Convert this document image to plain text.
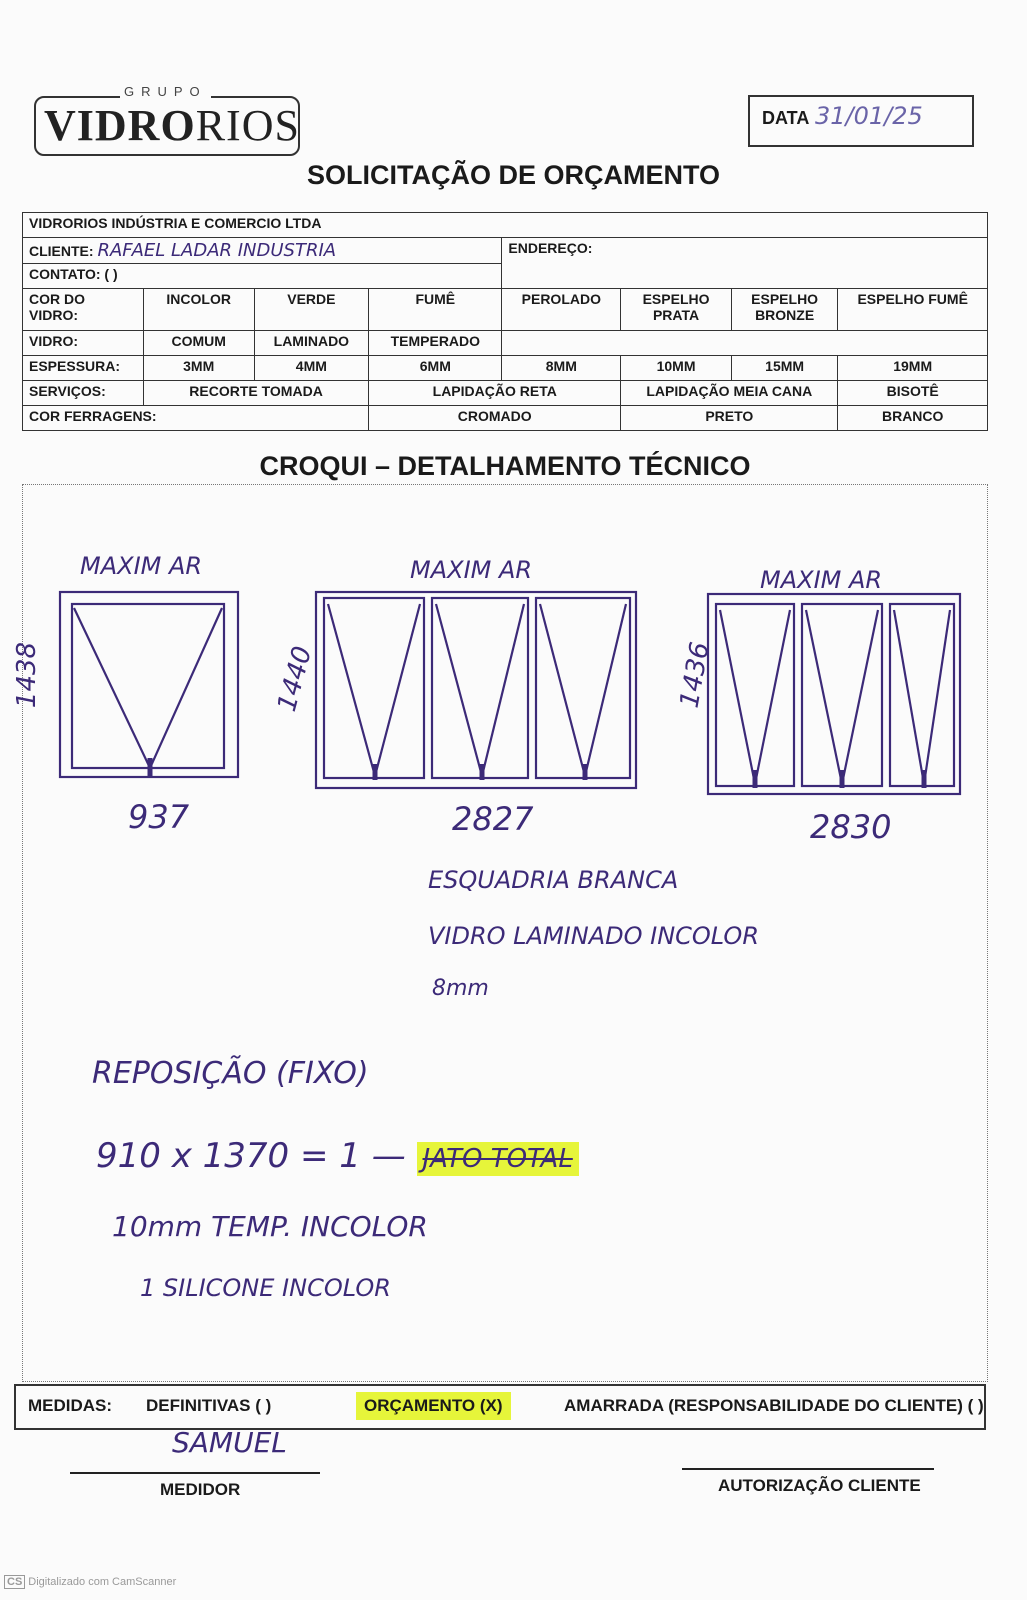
GRUPO
VIDRORIOS	DATA 31/01/25
SOLICITAÇÃO DE ORÇAMENTO
VIDRORIOS INDÚSTRIA E COMERCIO LTDA							
CLIENTE: RAFAEL LADAR INDUSTRIA				ENDEREÇO:			
CONTATO: ( )							
COR DO VIDRO:	INCOLOR	VERDE	FUMÊ	PEROLADO	ESPELHO PRATA	ESPELHO BRONZE	ESPELHO FUMÊ
VIDRO:	COMUM	LAMINADO	TEMPERADO				
ESPESSURA:	3MM	4MM	6MM	8MM	10MM	15MM	19MM
SERVIÇOS:	RECORTE TOMADA		LAPIDAÇÃO RETA		LAPIDAÇÃO MEIA CANA		BISOTÊ
COR FERRAGENS:			CROMADO		PRETO		BRANCO
CROQUI – DETALHAMENTO TÉCNICO
MAXIM AR	MAXIM AR	MAXIM AR
1438	1440	1436
937	2827	2830
ESQUADRIA BRANCA
VIDRO LAMINADO INCOLOR
8mm
REPOSIÇÃO (FIXO)
910 x 1370 = 1 — JATO TOTAL
10mm TEMP. INCOLOR
1 SILICONE INCOLOR
MEDIDAS: DEFINITIVAS ( )	ORÇAMENTO (X)	AMARRADA (RESPONSABILIDADE DO CLIENTE) ( )
SAMUEL
MEDIDOR	AUTORIZAÇÃO CLIENTE
CS Digitalizado com CamScanner
